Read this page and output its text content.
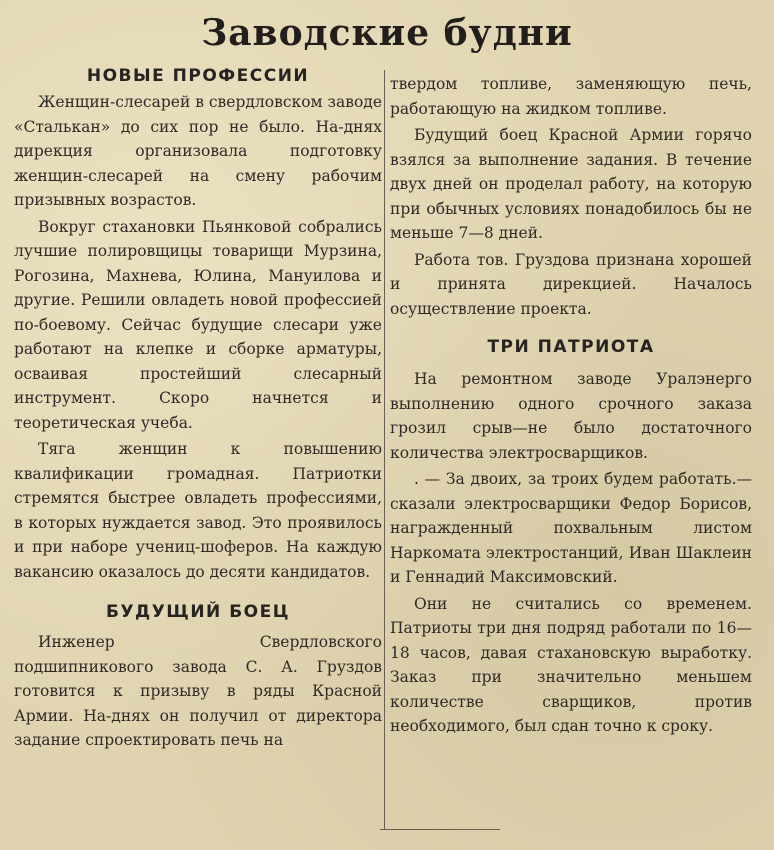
Заводские будни
НОВЫЕ ПРОФЕССИИ

Женщин-слесарей в свердловском заводе «Сталькан» до сих пор не было. На-днях дирекция организовала подготовку женщин-слесарей на смену рабочим призывных возрастов.

Вокруг стахановки Пьянковой собрались лучшие полировщицы товарищи Мурзина, Рогозина, Махнева, Юлина, Мануилова и другие. Решили овладеть новой профессией по-боевому. Сейчас будущие слесари уже работают на клепке и сборке арматуры, осваивая простейший слесарный инструмент. Скоро начнется и теоретическая учеба.

Тяга женщин к повышению квалификации громадная. Патриотки стремятся быстрее овладеть профессиями, в которых нуждается завод. Это проявилось и при наборе учениц-шоферов. На каждую вакансию оказалось до десяти кандидатов.

БУДУЩИЙ БОЕЦ

Инженер Свердловского подшипникового завода С. А. Груздов готовится к призыву в ряды Красной Армии. На-днях он получил от директора задание спроектировать печь на

твердом топливе, заменяющую печь, работающую на жидком топливе.

Будущий боец Красной Армии горячо взялся за выполнение задания. В течение двух дней он проделал работу, на которую при обычных условиях понадобилось бы не меньше 7—8 дней.

Работа тов. Груздова признана хорошей и принята дирекцией. Началось осуществление проекта.

ТРИ ПАТРИОТА

На ремонтном заводе Уралэнерго выполнению одного срочного заказа грозил срыв—не было достаточного количества электросварщиков.

. — За двоих, за троих будем работать.—сказали электросварщики Федор Борисов, награжденный похвальным листом Наркомата электростанций, Иван Шаклеин и Геннадий Максимовский.

Они не считались со временем. Патриоты три дня подряд работали по 16—18 часов, давая стахановскую выработку. Заказ при значительно меньшем количестве сварщиков, против необходимого, был сдан точно к сроку.
